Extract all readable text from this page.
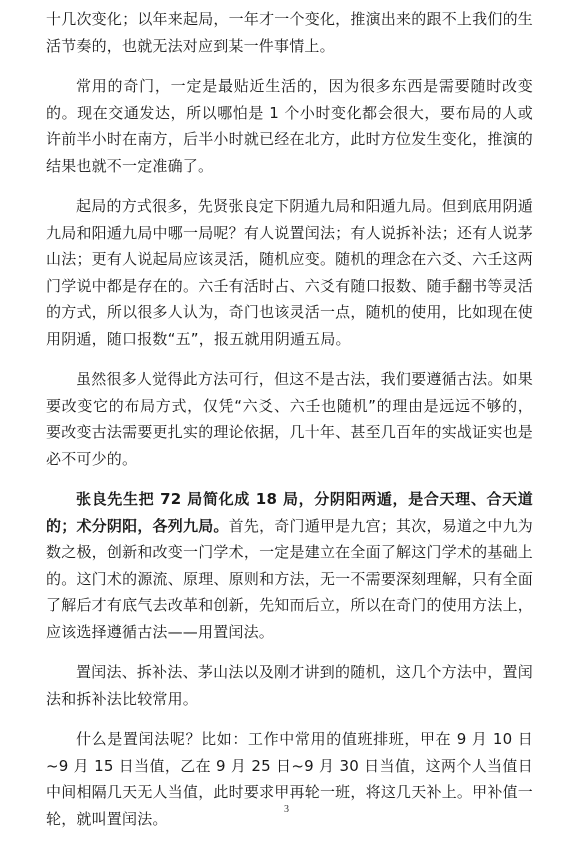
十几次变化；以年来起局，一年才一个变化，推演出来的跟不上我们的生活节奏的，也就无法对应到某一件事情上。

常用的奇门，一定是最贴近生活的，因为很多东西是需要随时改变的。现在交通发达，所以哪怕是 1 个小时变化都会很大，要布局的人或许前半小时在南方，后半小时就已经在北方，此时方位发生变化，推演的结果也就不一定准确了。

起局的方式很多，先贤张良定下阴遁九局和阳遁九局。但到底用阴遁九局和阳遁九局中哪一局呢？有人说置闰法；有人说拆补法；还有人说茅山法；更有人说起局应该灵活，随机应变。随机的理念在六爻、六壬这两门学说中都是存在的。六壬有活时占、六爻有随口报数、随手翻书等灵活的方式，所以很多人认为，奇门也该灵活一点，随机的使用，比如现在使用阴遁，随口报数“五”，报五就用阴遁五局。

虽然很多人觉得此方法可行，但这不是古法，我们要遵循古法。如果要改变它的布局方式，仅凭“六爻、六壬也随机”的理由是远远不够的，要改变古法需要更扎实的理论依据，几十年、甚至几百年的实战证实也是必不可少的。

张良先生把 72 局简化成 18 局，分阴阳两遁，是合天理、合天道的；术分阴阳，各列九局。首先，奇门遁甲是九宫；其次，易道之中九为数之极，创新和改变一门学术，一定是建立在全面了解这门学术的基础上的。这门术的源流、原理、原则和方法，无一不需要深刻理解，只有全面了解后才有底气去改革和创新，先知而后立，所以在奇门的使用方法上，应该选择遵循古法——用置闰法。

置闰法、拆补法、茅山法以及刚才讲到的随机，这几个方法中，置闰法和拆补法比较常用。

什么是置闰法呢？比如：工作中常用的值班排班，甲在 9 月 10 日~9 月 15 日当值，乙在 9 月 25 日~9 月 30 日当值，这两个人当值日中间相隔几天无人当值，此时要求甲再轮一班，将这几天补上。甲补值一轮，就叫置闰法。	3
